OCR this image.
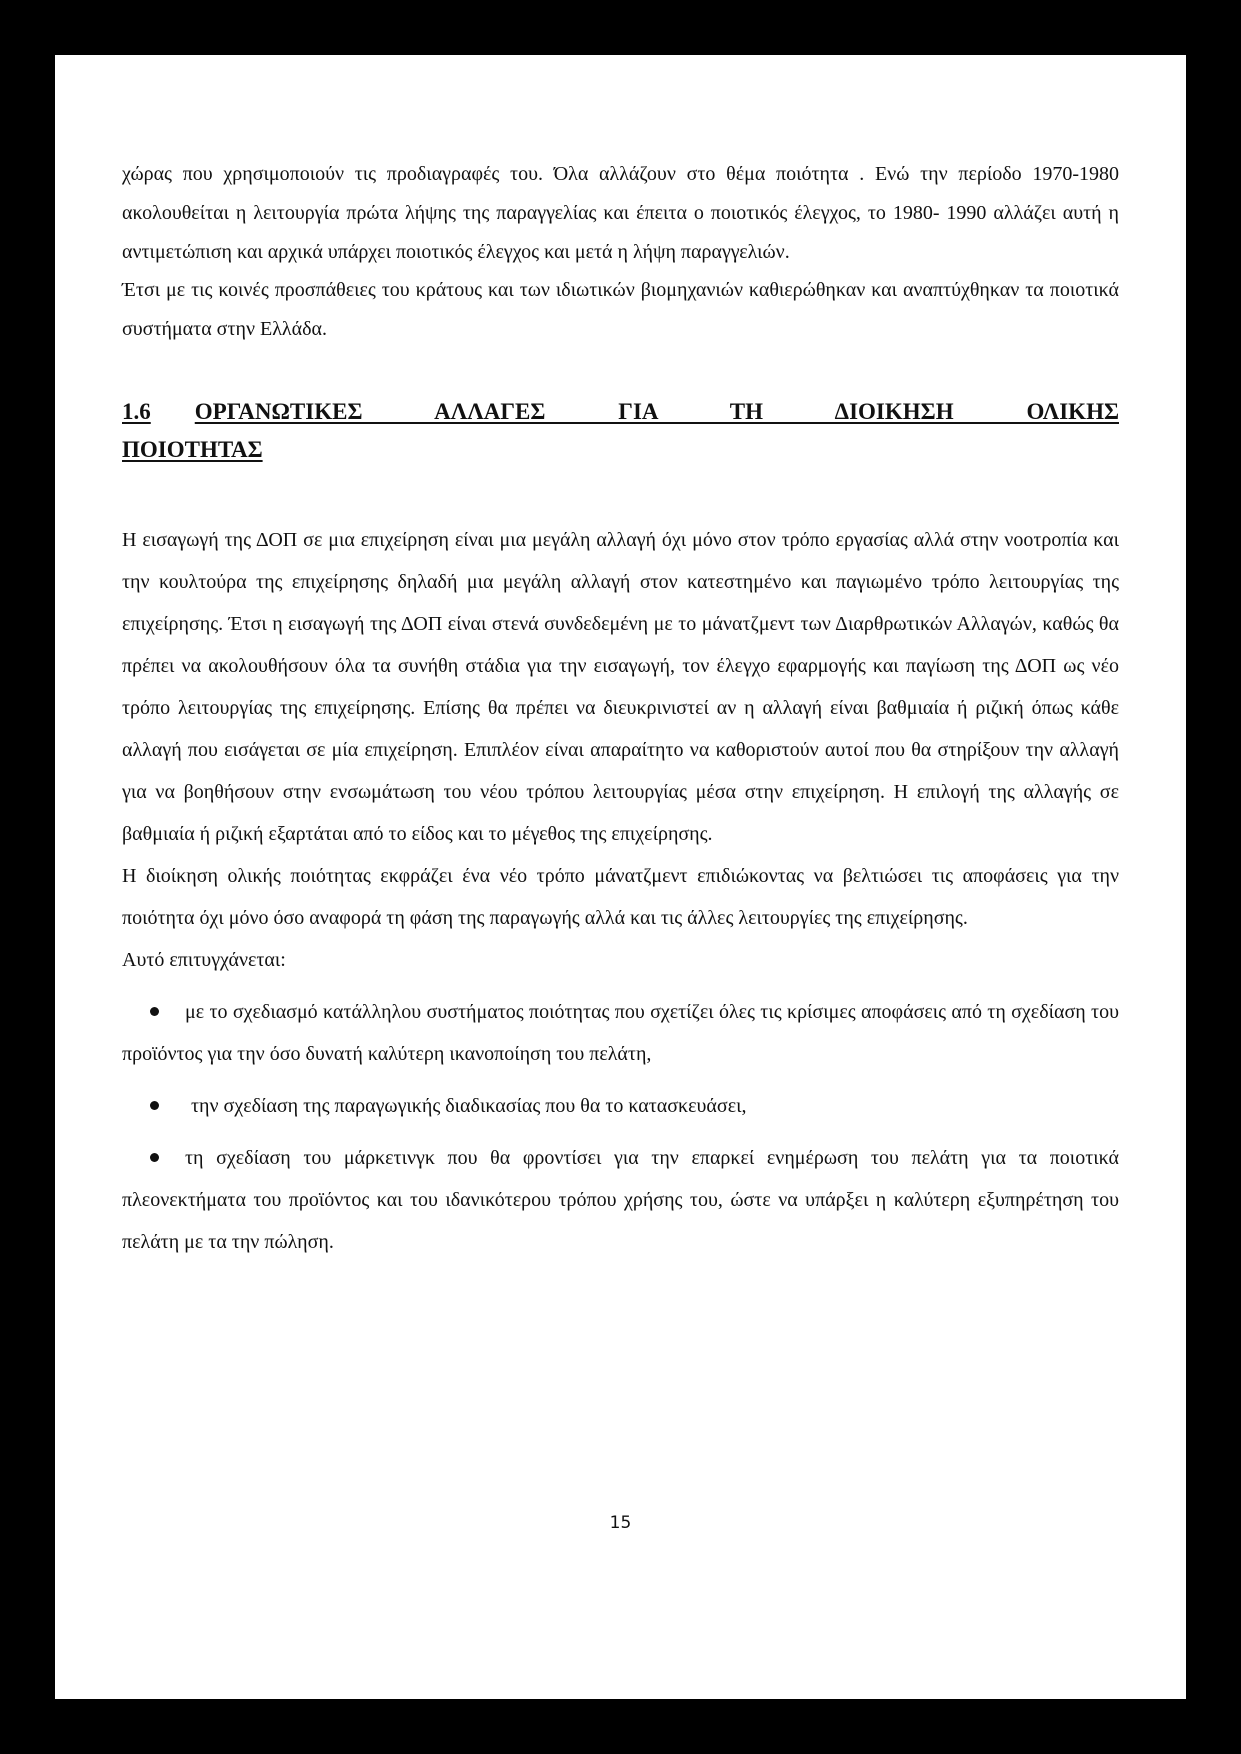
χώρας που χρησιμοποιούν τις προδιαγραφές του. Όλα αλλάζουν στο θέμα ποιότητα . Ενώ την περίοδο 1970-1980 ακολουθείται η λειτουργία πρώτα λήψης της παραγγελίας και έπειτα ο ποιοτικός έλεγχος, το 1980- 1990 αλλάζει αυτή η αντιμετώπιση και αρχικά υπάρχει ποιοτικός έλεγχος και μετά η λήψη παραγγελιών.

Έτσι με τις κοινές προσπάθειες του κράτους και των ιδιωτικών βιομηχανιών καθιερώθηκαν και αναπτύχθηκαν τα ποιοτικά συστήματα στην Ελλάδα.

1.6 ΟΡΓΑΝΩΤΙΚΕΣ ΑΛΛΑΓΕΣ ΓΙΑ ΤΗ ΔΙΟΙΚΗΣΗ ΟΛΙΚΗΣ
ΠΟΙΟΤΗΤΑΣ

Η εισαγωγή της ΔΟΠ σε μια επιχείρηση είναι μια μεγάλη αλλαγή όχι μόνο στον τρόπο εργασίας αλλά στην νοοτροπία και την κουλτούρα της επιχείρησης δηλαδή μια μεγάλη αλλαγή στον κατεστημένο και παγιωμένο τρόπο λειτουργίας της επιχείρησης. Έτσι η εισαγωγή της ΔΟΠ είναι στενά συνδεδεμένη με το μάνατζμεντ των Διαρθρωτικών Αλλαγών, καθώς θα πρέπει να ακολουθήσουν όλα τα συνήθη στάδια για την εισαγωγή, τον έλεγχο εφαρμογής και παγίωση της ΔΟΠ ως νέο τρόπο λειτουργίας της επιχείρησης. Επίσης θα πρέπει να διευκρινιστεί αν η αλλαγή είναι βαθμιαία ή ριζική όπως κάθε αλλαγή που εισάγεται σε μία επιχείρηση. Επιπλέον είναι απαραίτητο να καθοριστούν αυτοί που θα στηρίξουν την αλλαγή για να βοηθήσουν στην ενσωμάτωση του νέου τρόπου λειτουργίας μέσα στην επιχείρηση. Η επιλογή της αλλαγής σε βαθμιαία ή ριζική εξαρτάται από το είδος και το μέγεθος της επιχείρησης.

Η διοίκηση ολικής ποιότητας εκφράζει ένα νέο τρόπο μάνατζμεντ επιδιώκοντας να βελτιώσει τις αποφάσεις για την ποιότητα όχι μόνο όσο αναφορά τη φάση της παραγωγής αλλά και τις άλλες λειτουργίες της επιχείρησης.

Αυτό επιτυγχάνεται:

με το σχεδιασμό κατάλληλου συστήματος ποιότητας που σχετίζει όλες τις κρίσιμες αποφάσεις από τη σχεδίαση του προϊόντος για την όσο δυνατή καλύτερη ικανοποίηση του πελάτη,
την σχεδίαση της παραγωγικής διαδικασίας που θα το κατασκευάσει,
τη σχεδίαση του μάρκετινγκ που θα φροντίσει για την επαρκεί ενημέρωση του πελάτη για τα ποιοτικά πλεονεκτήματα του προϊόντος και του ιδανικότερου τρόπου χρήσης του, ώστε να υπάρξει η καλύτερη εξυπηρέτηση του πελάτη με τα την πώληση.
15
